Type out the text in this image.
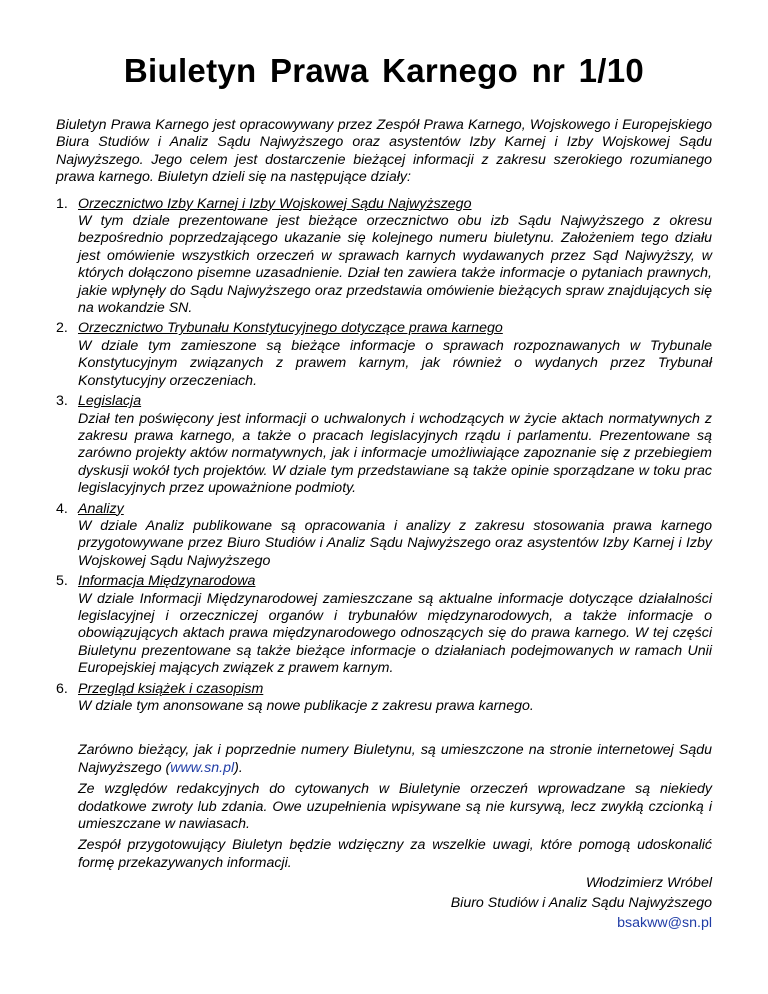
Biuletyn Prawa Karnego nr 1/10

Biuletyn Prawa Karnego jest opracowywany przez Zespół Prawa Karnego, Wojskowego i Europejskiego Biura Studiów i Analiz Sądu Najwyższego oraz asystentów Izby Karnej i Izby Wojskowej Sądu Najwyższego. Jego celem jest dostarczenie bieżącej informacji z zakresu szerokiego rozumianego prawa karnego. Biuletyn dzieli się na następujące działy:

1. Orzecznictwo Izby Karnej i Izby Wojskowej Sądu Najwyższego
W tym dziale prezentowane jest bieżące orzecznictwo obu izb Sądu Najwyższego z okresu bezpośrednio poprzedzającego ukazanie się kolejnego numeru biuletynu. Założeniem tego działu jest omówienie wszystkich orzeczeń w sprawach karnych wydawanych przez Sąd Najwyższy, w których dołączono pisemne uzasadnienie. Dział ten zawiera także informacje o pytaniach prawnych, jakie wpłynęły do Sądu Najwyższego oraz przedstawia omówienie bieżących spraw znajdujących się na wokandzie SN.
2. Orzecznictwo Trybunału Konstytucyjnego dotyczące prawa karnego
W dziale tym zamieszone są bieżące informacje o sprawach rozpoznawanych w Trybunale Konstytucyjnym związanych z prawem karnym, jak również o wydanych przez Trybunał Konstytucyjny orzeczeniach.
3. Legislacja
Dział ten poświęcony jest informacji o uchwalonych i wchodzących w życie aktach normatywnych z zakresu prawa karnego, a także o pracach legislacyjnych rządu i parlamentu. Prezentowane są zarówno projekty aktów normatywnych, jak i informacje umożliwiające zapoznanie się z przebiegiem dyskusji wokół tych projektów. W dziale tym przedstawiane są także opinie sporządzane w toku prac legislacyjnych przez upoważnione podmioty.
4. Analizy
W dziale Analiz publikowane są opracowania i analizy z zakresu stosowania prawa karnego przygotowywane przez Biuro Studiów i Analiz Sądu Najwyższego oraz asystentów Izby Karnej i Izby Wojskowej Sądu Najwyższego
5. Informacja Międzynarodowa
W dziale Informacji Międzynarodowej zamieszczane są aktualne informacje dotyczące działalności legislacyjnej i orzeczniczej organów i trybunałów międzynarodowych, a także informacje o obowiązujących aktach prawa międzynarodowego odnoszących się do prawa karnego. W tej części Biuletynu prezentowane są także bieżące informacje o działaniach podejmowanych w ramach Unii Europejskiej mających związek z prawem karnym.
6. Przegląd książek i czasopism
W dziale tym anonsowane są nowe publikacje z zakresu prawa karnego.

Zarówno bieżący, jak i poprzednie numery Biuletynu, są umieszczone na stronie internetowej Sądu Najwyższego (www.sn.pl).

Ze względów redakcyjnych do cytowanych w Biuletynie orzeczeń wprowadzane są niekiedy dodatkowe zwroty lub zdania. Owe uzupełnienia wpisywane są nie kursywą, lecz zwykłą czcionką i umieszczane w nawiasach.

Zespół przygotowujący Biuletyn będzie wdzięczny za wszelkie uwagi, które pomogą udoskonalić formę przekazywanych informacji.

Włodzimierz Wróbel
Biuro Studiów i Analiz Sądu Najwyższego
bsakww@sn.pl
